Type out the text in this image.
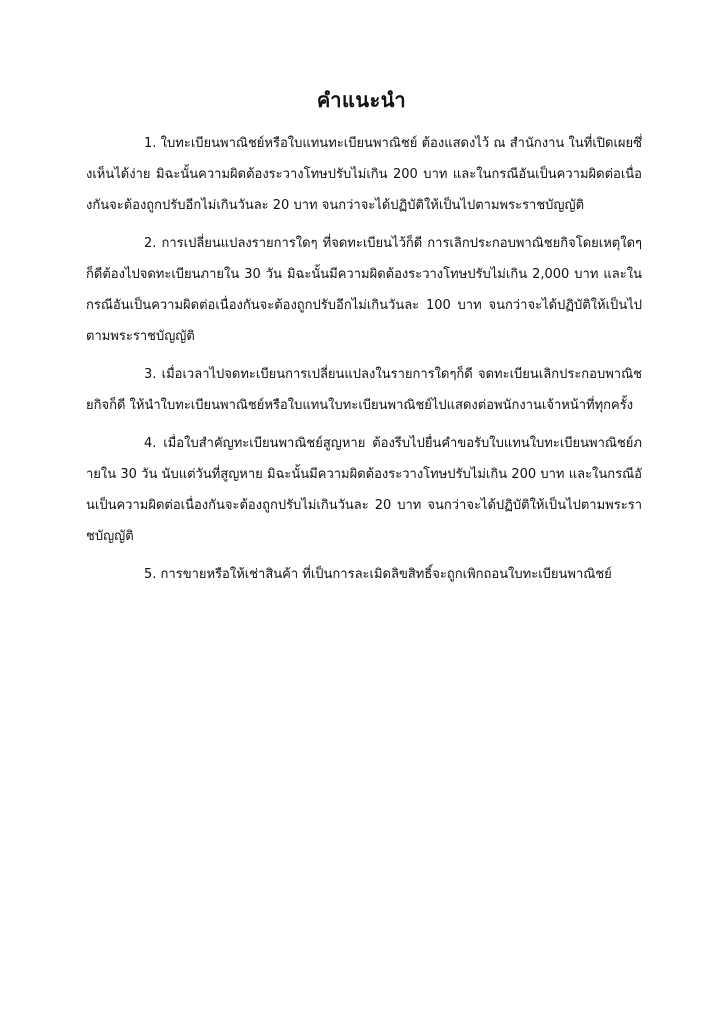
คำแนะนำ

1. ใบทะเบียนพาณิชย์หรือใบแทนทะเบียนพาณิชย์ ต้องแสดงไว้ ณ สำนักงาน ในที่เปิดเผยซึ่งเห็นได้ง่าย มิฉะนั้นความผิดต้องระวางโทษปรับไม่เกิน 200 บาท และในกรณีอันเป็นความผิดต่อเนื่องกันจะต้องถูกปรับอีกไม่เกินวันละ 20 บาท จนกว่าจะได้ปฏิบัติให้เป็นไปตามพระราชบัญญัติ

2. การเปลี่ยนแปลงรายการใดๆ ที่จดทะเบียนไว้ก็ดี การเลิกประกอบพาณิชยกิจโดยเหตุใดๆก็ดีต้องไปจดทะเบียนภายใน 30 วัน มิฉะนั้นมีความผิดต้องระวางโทษปรับไม่เกิน 2,000 บาท และในกรณีอันเป็นความผิดต่อเนื่องกันจะต้องถูกปรับอีกไม่เกินวันละ 100 บาท จนกว่าจะได้ปฏิบัติให้เป็นไปตามพระราชบัญญัติ

3. เมื่อเวลาไปจดทะเบียนการเปลี่ยนแปลงในรายการใดๆก็ดี จดทะเบียนเลิกประกอบพาณิชยกิจก็ดี ให้นำใบทะเบียนพาณิชย์หรือใบแทนใบทะเบียนพาณิชย์ไปแสดงต่อพนักงานเจ้าหน้าที่ทุกครั้ง

4. เมื่อใบสำคัญทะเบียนพาณิชย์สูญหาย ต้องรีบไปยื่นคำขอรับใบแทนใบทะเบียนพาณิชย์ภายใน 30 วัน นับแต่วันที่สูญหาย มิฉะนั้นมีความผิดต้องระวางโทษปรับไม่เกิน 200 บาท และในกรณีอันเป็นความผิดต่อเนื่องกันจะต้องถูกปรับไม่เกินวันละ 20 บาท จนกว่าจะได้ปฏิบัติให้เป็นไปตามพระราชบัญญัติ

5. การขายหรือให้เช่าสินค้า ที่เป็นการละเมิดลิขสิทธิ์จะถูกเพิกถอนใบทะเบียนพาณิชย์
